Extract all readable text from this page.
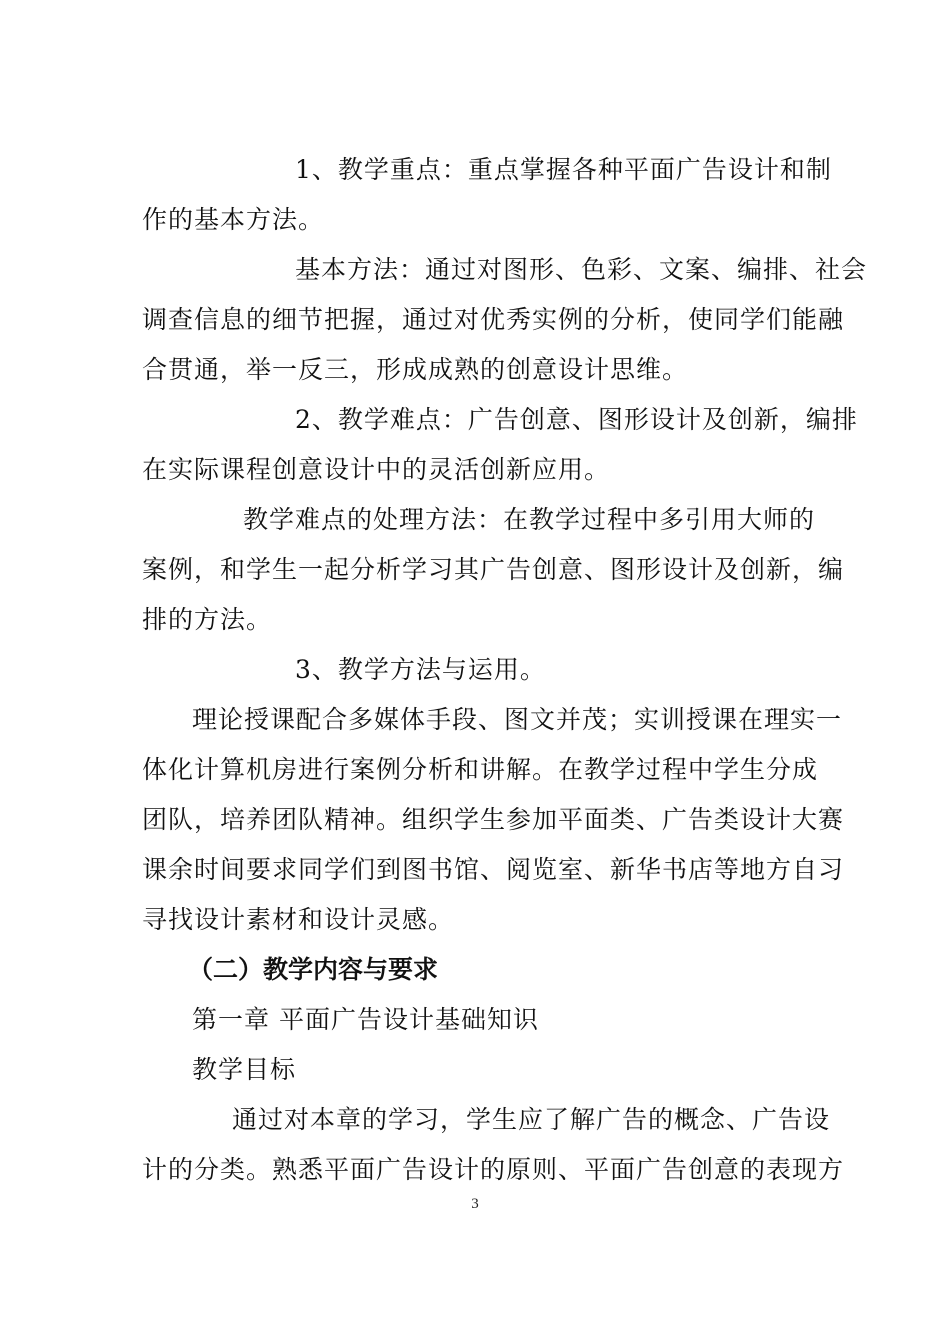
1、教学重点：重点掌握各种平面广告设计和制
作的基本方法。
基本方法：通过对图形、色彩、文案、编排、社会
调查信息的细节把握，通过对优秀实例的分析，使同学们能融
合贯通，举一反三，形成成熟的创意设计思维。
2、教学难点：广告创意、图形设计及创新，编排
在实际课程创意设计中的灵活创新应用。
教学难点的处理方法：在教学过程中多引用大师的
案例，和学生一起分析学习其广告创意、图形设计及创新，编
排的方法。
3、教学方法与运用。
理论授课配合多媒体手段、图文并茂；实训授课在理实一
体化计算机房进行案例分析和讲解。在教学过程中学生分成
团队，培养团队精神。组织学生参加平面类、广告类设计大赛
课余时间要求同学们到图书馆、阅览室、新华书店等地方自习
寻找设计素材和设计灵感。
（二）教学内容与要求
第一章 平面广告设计基础知识
教学目标
通过对本章的学习，学生应了解广告的概念、广告设
计的分类。熟悉平面广告设计的原则、平面广告创意的表现方
3
